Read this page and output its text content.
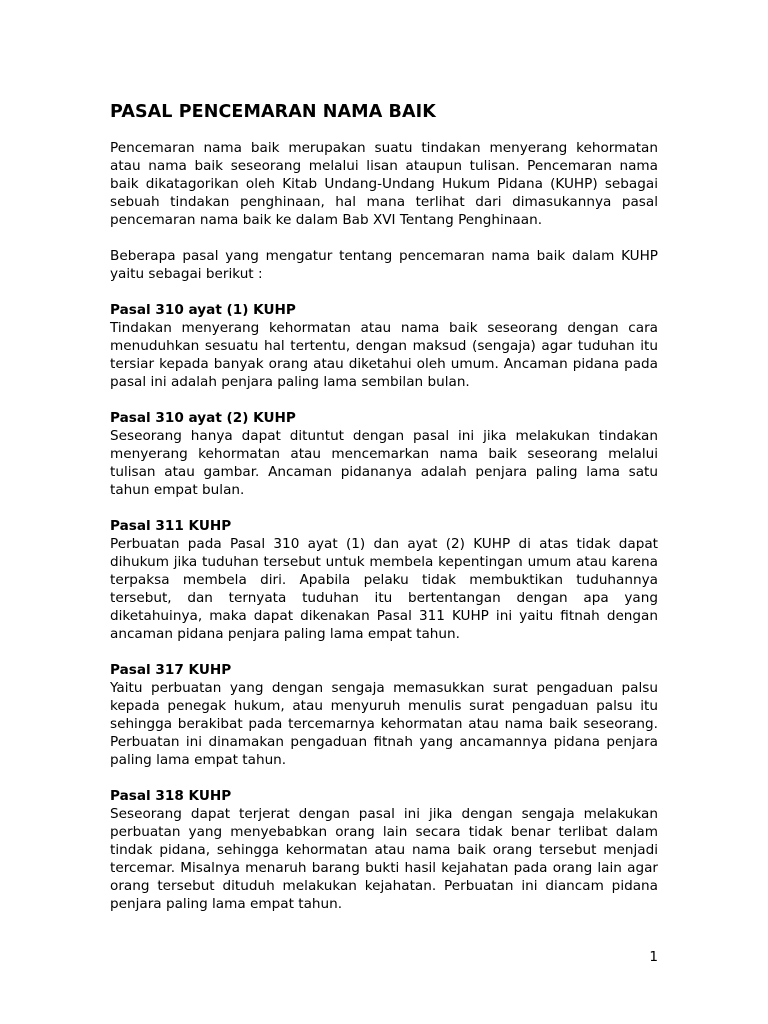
PASAL PENCEMARAN NAMA BAIK

Pencemaran nama baik merupakan suatu tindakan menyerang kehormatan atau nama baik seseorang melalui lisan ataupun tulisan. Pencemaran nama baik dikatagorikan oleh Kitab Undang-Undang Hukum Pidana (KUHP) sebagai sebuah tindakan penghinaan, hal mana terlihat dari dimasukannya pasal pencemaran nama baik ke dalam Bab XVI Tentang Penghinaan.

Beberapa pasal yang mengatur tentang pencemaran nama baik dalam KUHP yaitu sebagai berikut :

Pasal 310 ayat (1) KUHP

Tindakan menyerang kehormatan atau nama baik seseorang dengan cara menuduhkan sesuatu hal tertentu, dengan maksud (sengaja) agar tuduhan itu tersiar kepada banyak orang atau diketahui oleh umum. Ancaman pidana pada pasal ini adalah penjara paling lama sembilan bulan.

Pasal 310 ayat (2) KUHP

Seseorang hanya dapat dituntut dengan pasal ini jika melakukan tindakan menyerang kehormatan atau mencemarkan nama baik seseorang melalui tulisan atau gambar. Ancaman pidananya adalah penjara paling lama satu tahun empat bulan.

Pasal 311 KUHP

Perbuatan pada Pasal 310 ayat (1) dan ayat (2) KUHP di atas tidak dapat dihukum jika tuduhan tersebut untuk membela kepentingan umum atau karena terpaksa membela diri. Apabila pelaku tidak membuktikan tuduhannya tersebut, dan ternyata tuduhan itu bertentangan dengan apa yang diketahuinya, maka dapat dikenakan Pasal 311 KUHP ini yaitu fitnah dengan ancaman pidana penjara paling lama empat tahun.

Pasal 317 KUHP

Yaitu perbuatan yang dengan sengaja memasukkan surat pengaduan palsu kepada penegak hukum, atau menyuruh menulis surat pengaduan palsu itu sehingga berakibat pada tercemarnya kehormatan atau nama baik seseorang. Perbuatan ini dinamakan pengaduan fitnah yang ancamannya pidana penjara paling lama empat tahun.

Pasal 318 KUHP

Seseorang dapat terjerat dengan pasal ini jika dengan sengaja melakukan perbuatan yang menyebabkan orang lain secara tidak benar terlibat dalam tindak pidana, sehingga kehormatan atau nama baik orang tersebut menjadi tercemar. Misalnya menaruh barang bukti hasil kejahatan pada orang lain agar orang tersebut dituduh melakukan kejahatan. Perbuatan ini diancam pidana penjara paling lama empat tahun.

1
